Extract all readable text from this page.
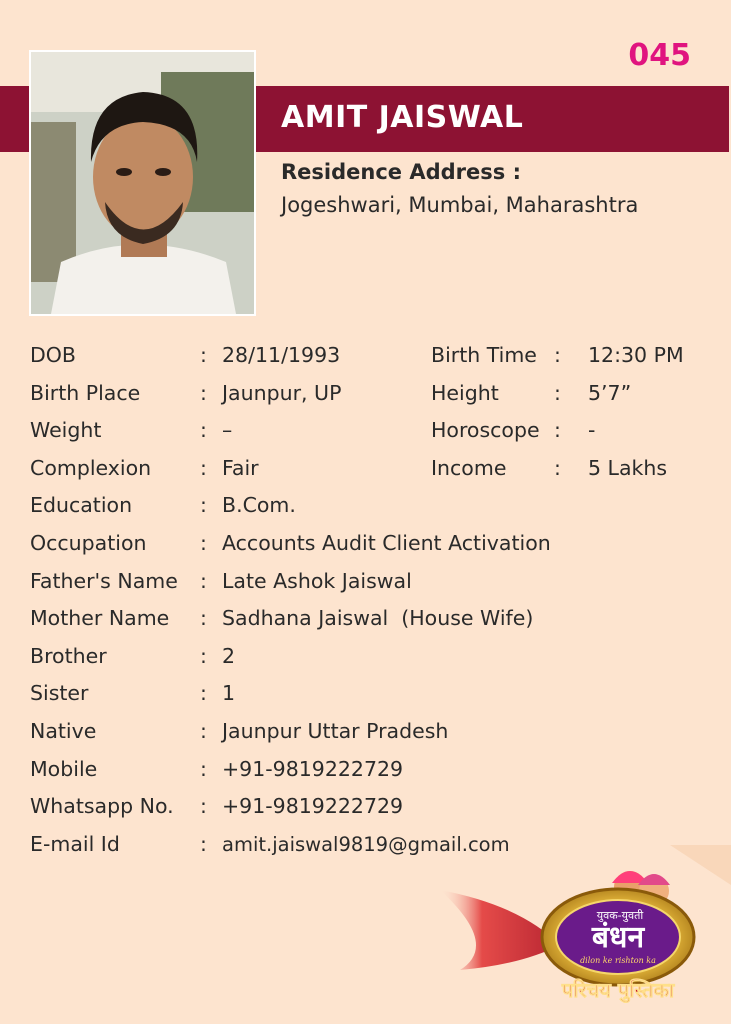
045
AMIT JAISWAL
Residence Address :
Jogeshwari, Mumbai, Maharashtra
DOB	: 28/11/1993	Birth Time : 12:30 PM
Birth Place	: Jaunpur, UP	Height	: 5’7”
Weight	: –	Horoscope : -
Complexion : Fair	Income : 5 Lakhs
Education	: B.Com.
Occupation	: Accounts Audit Client Activation
Father's Name : Late Ashok Jaiswal
Mother Name : Sadhana Jaiswal  (House Wife)
Brother	: 2
Sister	: 1
Native	: Jaunpur Uttar Pradesh
Mobile	: +91-9819222729
Whatsapp No. : +91-9819222729
E-mail Id	: amit.jaiswal9819@gmail.com
बंधन
dilon ke rishton ka
युवक-युवती
परिचय पुस्तिका
